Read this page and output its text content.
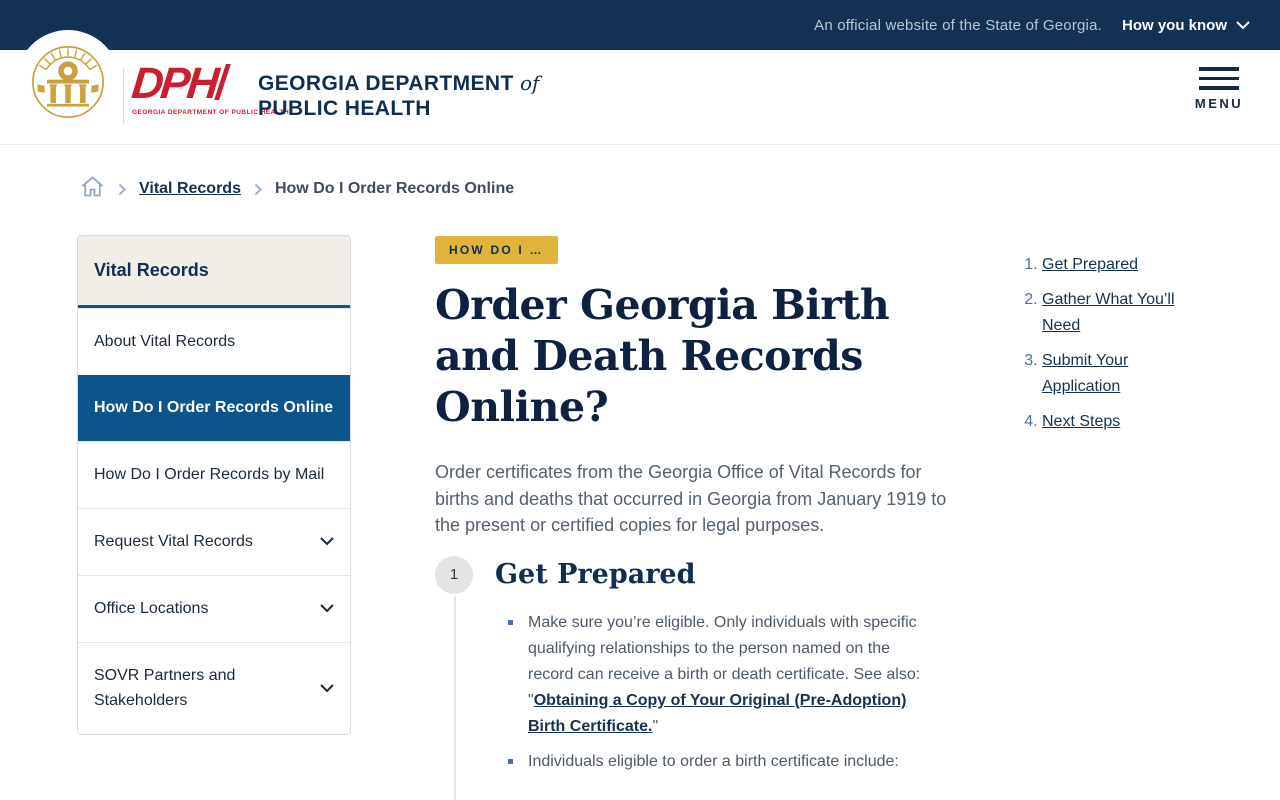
An official website of the State of Georgia. How you know
DPH
GEORGIA DEPARTMENT OF PUBLIC HEALTH
GEORGIA DEPARTMENT of
PUBLIC HEALTH	MENU
Vital Records How Do I Order Records Online
Vital Records
About Vital Records
How Do I Order Records Online
How Do I Order Records by Mail
Request Vital Records
Office Locations
SOVR Partners and Stakeholders
HOW DO I …
Order Georgia Birth and Death Records Online?

Order certificates from the Georgia Office of Vital Records for births and deaths that occurred in Georgia from January 1919 to the present or certified copies for legal purposes.

1	Get Prepared
Make sure you’re eligible. Only individuals with specific qualifying relationships to the person named on the record can receive a birth or death certificate. See also: "Obtaining a Copy of Your Original (Pre-Adoption) Birth Certificate."
Individuals eligible to order a birth certificate include:
1. Get Prepared
2. Gather What You’ll Need
3. Submit Your Application
4. Next Steps
